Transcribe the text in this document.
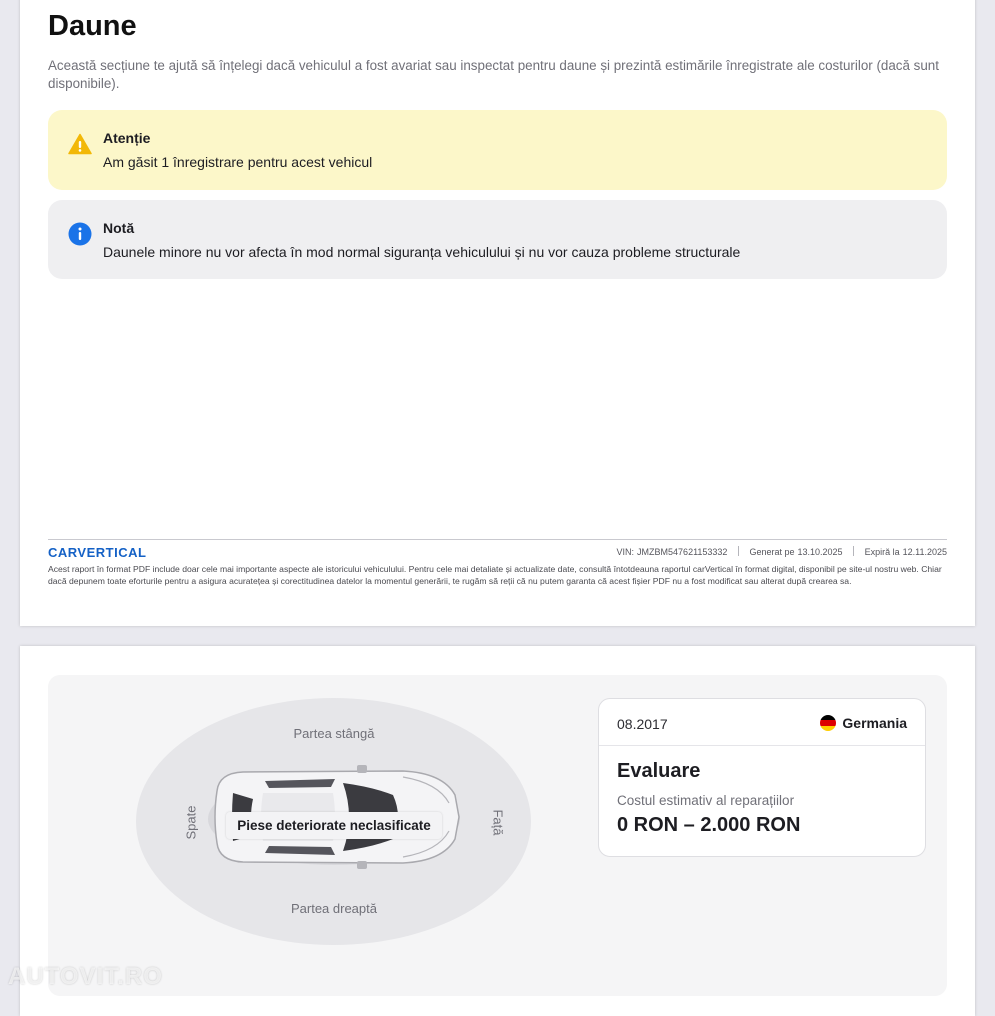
Daune

Această secțiune te ajută să înțelegi dacă vehiculul a fost avariat sau inspectat pentru daune și prezintă estimările înregistrate ale costurilor (dacă sunt disponibile).

Atenție
Am găsit 1 înregistrare pentru acest vehicul
Notă
Daunele minore nu vor afecta în mod normal siguranța vehiculului și nu vor cauza probleme structurale
CARVERTICAL	VIN: JMZBM547621153332 Generat pe 13.10.2025 Expiră la 12.11.2025

Acest raport în format PDF include doar cele mai importante aspecte ale istoricului vehiculului. Pentru cele mai detaliate și actualizate date, consultă întotdeauna raportul carVertical în format digital, disponibil pe site-ul nostru web. Chiar dacă depunem toate eforturile pentru a asigura acuratețea și corectitudinea datelor la momentul generării, te rugăm să reții că nu putem garanta că acest fișier PDF nu a fost modificat sau alterat după crearea sa.

Partea stângă
Partea dreaptă
Spate	Față
Piese deteriorate neclasificate
08.2017	Germania
Evaluare
Costul estimativ al reparațiilor
0 RON – 2.000 RON
AUTOVIT.RO
